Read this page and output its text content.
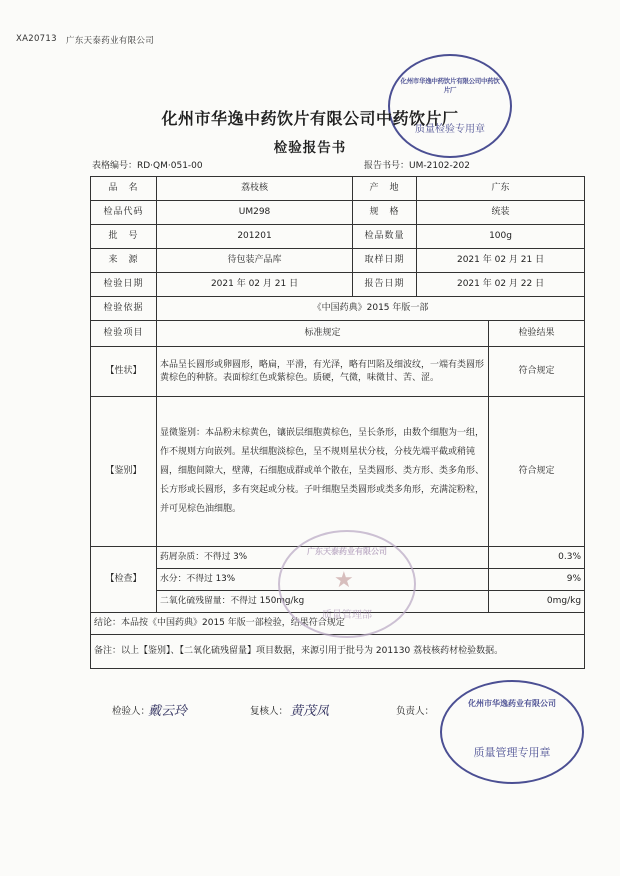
XA20713 广东天泰药业有限公司
化州市华逸中药饮片有限公司中药饮片厂
质量检验专用章
化州市华逸中药饮片有限公司中药饮片厂
检验报告书
表格编号：RD·QM·051-00	报告书号：UM-2102-202
品　名	荔枝核	产　地	广东	
检品代码	UM298	规　格	统装	
批　号	201201	检品数量	100g	
来　源	待包装产品库	取样日期	2021 年 02 月 21 日	
检验日期	2021 年 02 月 21 日	报告日期	2021 年 02 月 22 日	
检验依据	《中国药典》2015 年版一部			
检验项目	标准规定			检验结果
【性状】	本品呈长圆形或卵圆形，略扁，平滑，有光泽，略有凹陷及细波纹，一端有类圆形黄棕色的种脐。表面棕红色或紫棕色。质硬，气微，味微甘、苦、涩。			符合规定
【鉴别】	显微鉴别：本品粉末棕黄色，镶嵌层细胞黄棕色，呈长条形，由数个细胞为一组，作不规则方向嵌列。星状细胞淡棕色，呈不规则星状分枝，分枝先端平截或稍钝圆，细胞间隙大，壁薄，石细胞成群或单个散在，呈类圆形、类方形、类多角形、长方形或长圆形，多有突起或分枝。子叶细胞呈类圆形或类多角形，充满淀粉粒，并可见棕色油细胞。			符合规定
【检查】	药屑杂质：不得过 3%			0.3%
	水分：不得过 13%			9%
	二氧化硫残留量：不得过 150mg/kg			0mg/kg
结论：本品按《中国药典》2015 年版一部检验，结果符合规定				
备注：以上【鉴别】、【二氧化硫残留量】项目数据，来源引用于批号为 201130 荔枝核药材检验数据。				
★
广东天泰药业有限公司
质量管理部
检验人：
戴云玲	复核人： 黄茂凤	负责人：
化州市华逸药业有限公司
质量管理专用章
